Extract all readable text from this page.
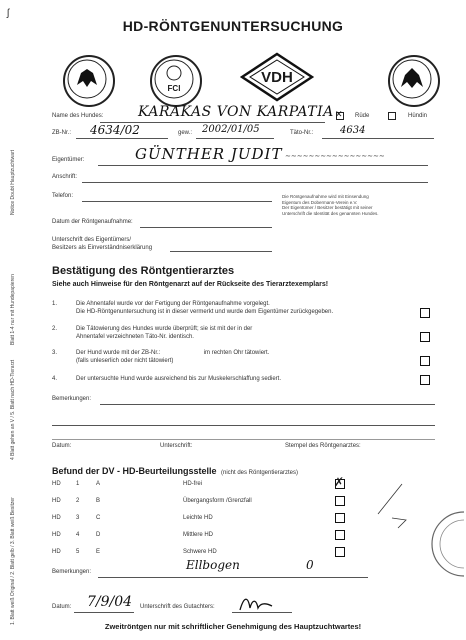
ʃ
HD-RÖNTGENUNTERSUCHUNG
FCI
VDH
Notice Doubt Hauptzuchtwart
Blatt 1-4 nur mit Hundepapieren
4 Blatt gehen an V / 5. Blatt nach HD-Tierarzt
1. Blatt weiß Original / 2. Blatt gelb / 3. Blatt weiß Besitzer
Name des Hundes: KARAKAS VON KARPATIA ✕ Rüde	Hündin
ZB-Nr.: 4634/02	gew.: 2002/01/05	Täto-Nr.:	4634
Eigentümer:	GÜNTHER JUDIT ∼∼∼∼∼∼∼∼∼∼∼∼∼∼∼∼∼
Anschrift:
Telefon:	Die Röntgenaufnahme wird mit Einsendung
Eigentum des Dobermann-Verein e.V.
Der Eigentümer / Besitzer bestätigt mit seiner
Unterschrift die Identität des genannten Hundes.
Datum der Röntgenaufnahme:
Unterschrift des Eigentümers/
Besitzers als Einverständniserklärung
Bestätigung des Röntgentierarztes
Siehe auch Hinweise für den Röntgenarzt auf der Rückseite des Tierarztexemplars!
1.	Die Ahnentafel wurde vor der Fertigung der Röntgenaufnahme vorgelegt.
Die HD-Röntgenuntersuchung ist in dieser vermerkt und wurde dem Eigentümer zurückgegeben.
2.	Die Tätowierung des Hundes wurde überprüft; sie ist mit der in der
Ahnentafel verzeichneten Täto-Nr. identisch.
3.	Der Hund wurde mit der ZB-Nr.:                          im rechten Ohr tätowiert.
(falls unleserlich oder nicht tätowiert)
4.	Der untersuchte Hund wurde ausreichend bis zur Muskelerschlaffung sediert.
Bemerkungen:
Datum:	Unterschrift:	Stempel des Röntgenarztes:
Befund der DV - HD-Beurteilungsstelle (nicht des Röntgentierarztes)
HD	1	A	HD-frei	✗
HD	2	B	Übergangsform /Grenzfall
HD	3	C	Leichte HD
HD	4	D	Mittlere HD
HD	5	E	Schwere HD
Bemerkungen:	Ellbogen	0
Datum: 7/9/04 Unterschrift des Gutachters:
Zweitröntgen nur mit schriftlicher Genehmigung des Hauptzuchtwartes!
